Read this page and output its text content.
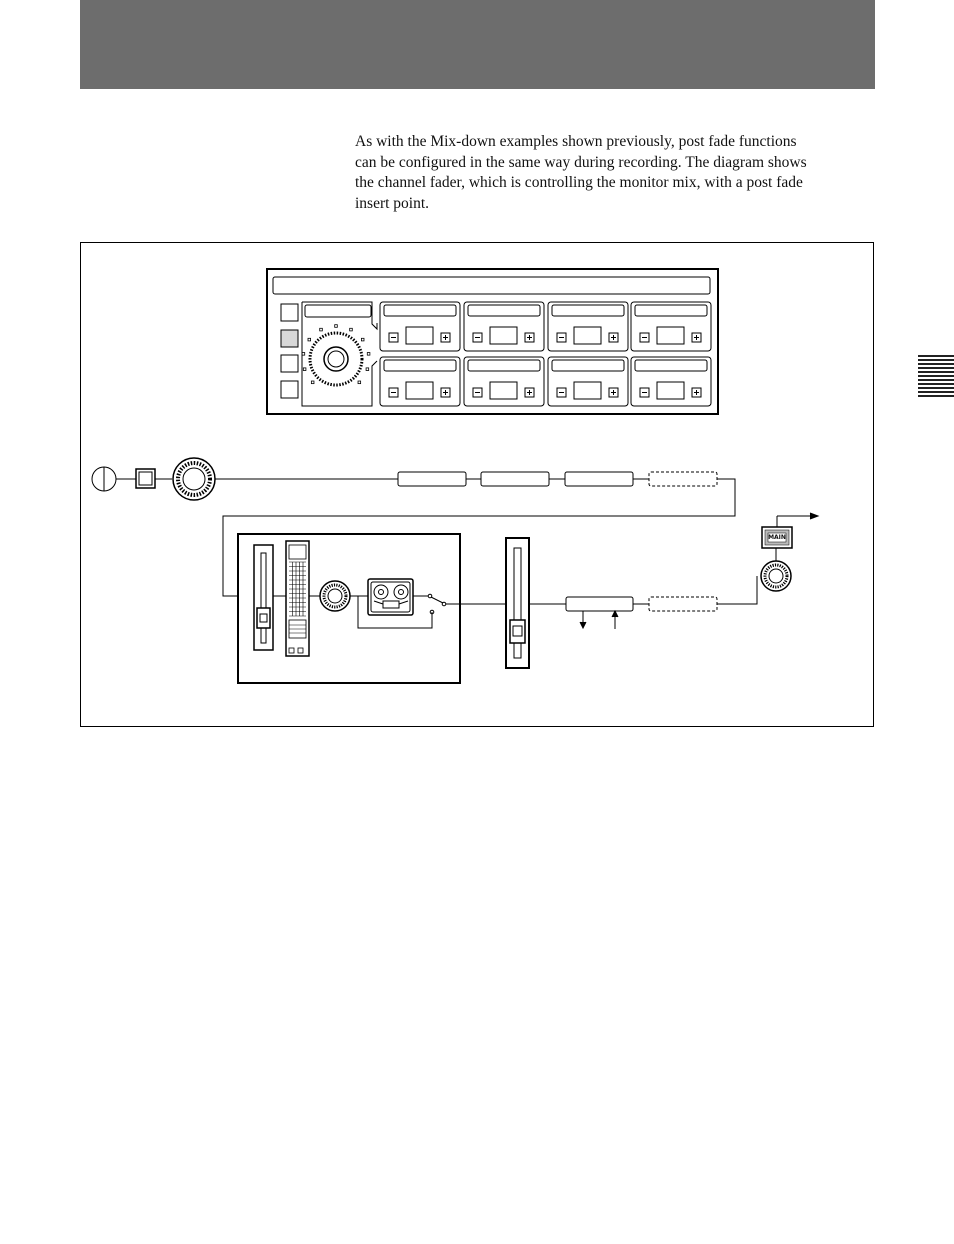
As with the Mix-down examples shown previously, post fade functions

can be configured in the same way during recording. The diagram shows

the channel fader, which is controlling the monitor mix, with a post fade

insert point.

MAIN
